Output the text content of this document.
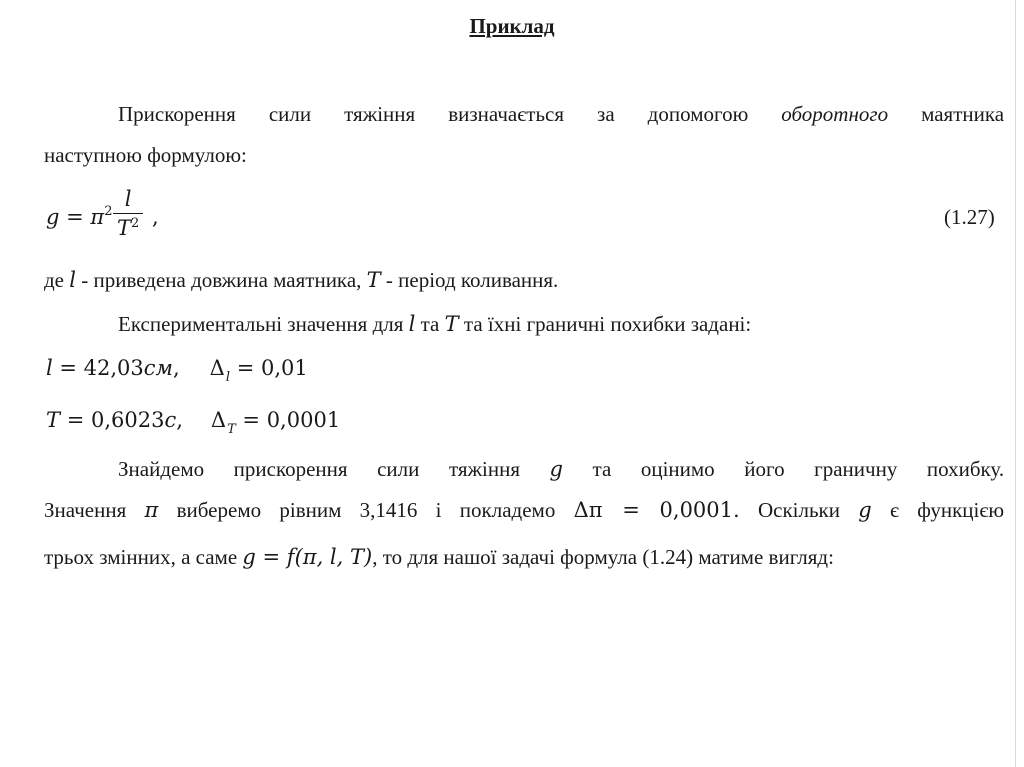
Приклад
Прискорення сили тяжіння визначається за допомогою оборотного маятника
наступною формулою:
$g = \pi^2$
l
$T^2$ ,	(1.27)
де l - приведена довжина маятника, T - період коливання.
Експериментальні значення для l та T та їхні граничні похибки задані:
l = 42,03см, $\Delta_l = 0,01$
T = 0,6023с, $\Delta_T = 0,0001$
Знайдемо прискорення сили тяжіння g та оцінимо його граничну похибку.
Значення π виберемо рівним 3,1416 і покладемо Δπ = 0,0001. Оскільки g є функцією
трьох змінних, а саме g = f(π, l, T), то для нашої задачі формула (1.24) матиме вигляд:
